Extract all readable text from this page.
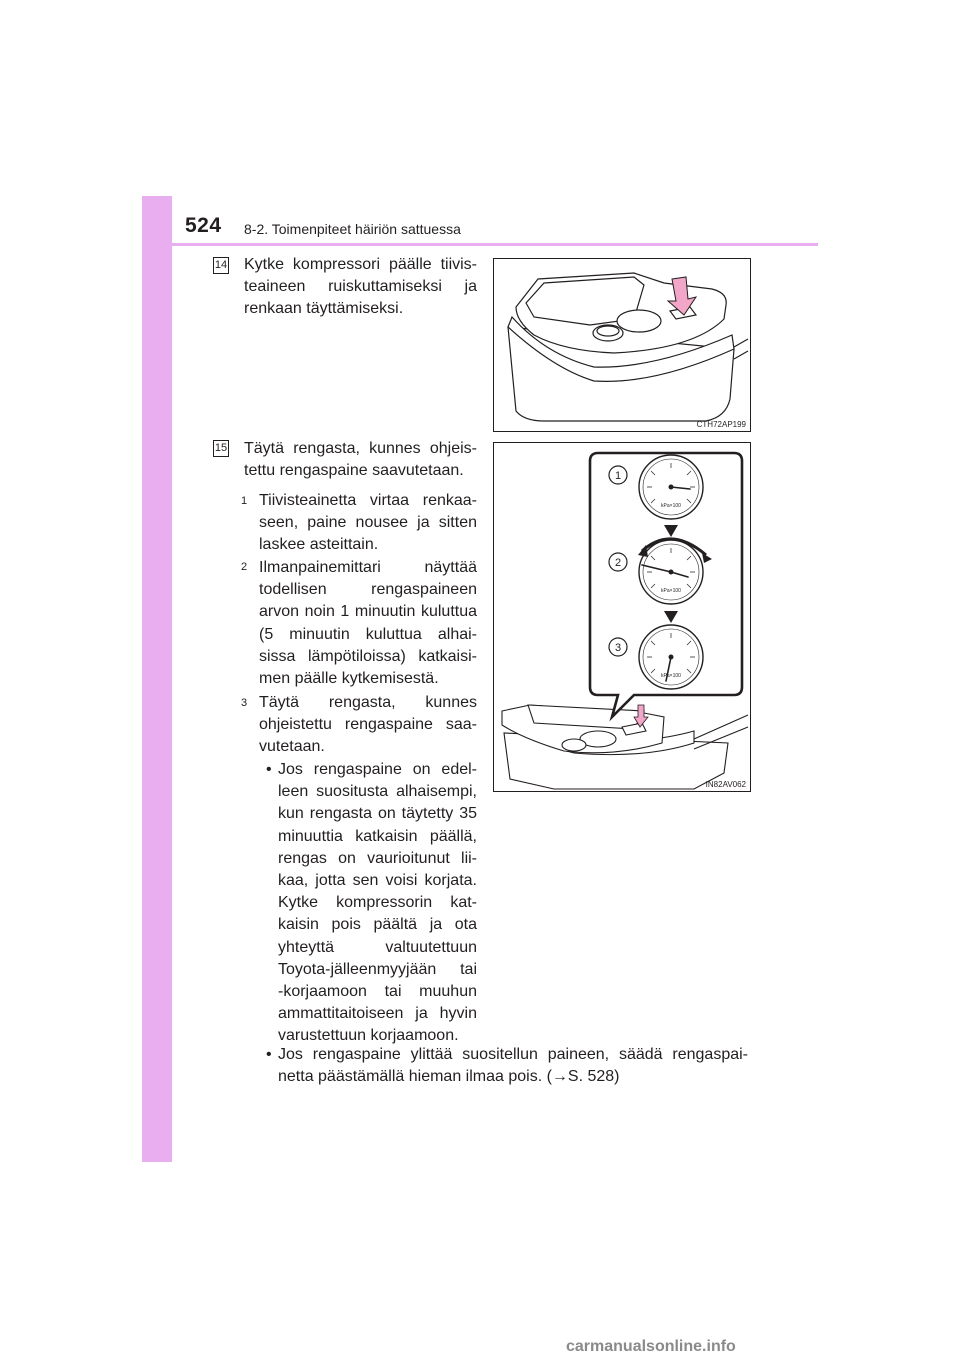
524 8-2. Toimenpiteet häiriön sattuessa
14 Kytke kompressori päälle tiivis-
teaineen ruiskuttamiseksi ja
renkaan täyttämiseksi.
CTH72AP199
15 Täytä rengasta, kunnes ohjeis-
tettu rengaspaine saavutetaan.
1 Tiivisteainetta virtaa renkaa-
seen, paine nousee ja sitten
laskee asteittain.
2 Ilmanpainemittari näyttää
todellisen rengaspaineen
arvon noin 1 minuutin kuluttua
(5 minuutin kuluttua alhai-
sissa lämpötiloissa) katkaisi-
men päälle kytkemisestä.
3 Täytä rengasta, kunnes
ohjeistettu rengaspaine saa-
vutetaan.
• Jos rengaspaine on edel-
leen suositusta alhaisempi,
kun rengasta on täytetty 35
minuuttia katkaisin päällä,
rengas on vaurioitunut lii-
kaa, jotta sen voisi korjata.
Kytke kompressorin kat-
kaisin pois päältä ja ota
yhteyttä valtuutettuun
Toyota-jälleenmyyjään tai
-korjaamoon tai muuhun
ammattitaitoiseen ja hyvin
varustettuun korjaamoon.
• Jos rengaspaine ylittää suositellun paineen, säädä rengaspai-
netta päästämällä hieman ilmaa pois. (→S. 528)
1
2
3
kPa×100
kPa×100
kPa×100
IN82AV062
carmanualsonline.info
